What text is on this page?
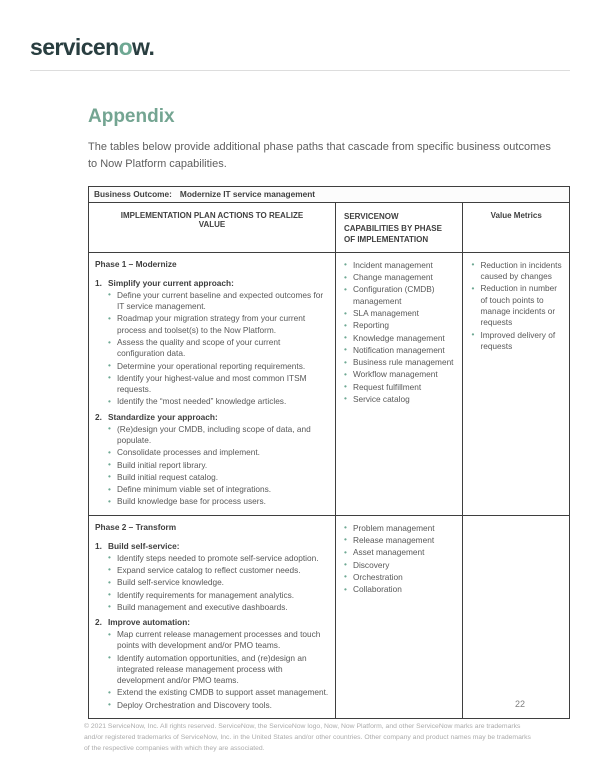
servicenow.
Appendix

The tables below provide additional phase paths that cascade from specific business outcomes to Now Platform capabilities.

Business Outcome: Modernize IT service management
IMPLEMENTATION PLAN ACTIONS TO REALIZE VALUE
SERVICENOW CAPABILITIES BY PHASE OF IMPLEMENTATION
Value Metrics
Phase 1 – Modernize
1. Simplify your current approach:
• Define your current baseline and expected outcomes for IT service management.
• Roadmap your migration strategy from your current process and toolset(s) to the Now Platform.
• Assess the quality and scope of your current configuration data.
• Determine your operational reporting requirements.
• Identify your highest-value and most common ITSM requests.
• Identify the “most needed” knowledge articles.
2. Standardize your approach:
• (Re)design your CMDB, including scope of data, and populate.
• Consolidate processes and implement.
• Build initial report library.
• Build initial request catalog.
• Define minimum viable set of integrations.
• Build knowledge base for process users.
• Incident management
• Change management
• Configuration (CMDB) management
• SLA management
• Reporting
• Knowledge management
• Notification management
• Business rule management
• Workflow management
• Request fulfillment
• Service catalog
• Reduction in incidents caused by changes
• Reduction in number of touch points to manage incidents or requests
• Improved delivery of requests
Phase 2 – Transform
1. Build self-service:
• Identify steps needed to promote self-service adoption.
• Expand service catalog to reflect customer needs.
• Build self-service knowledge.
• Identify requirements for management analytics.
• Build management and executive dashboards.
2. Improve automation:
• Map current release management processes and touch points with development and/or PMO teams.
• Identify automation opportunities, and (re)design an integrated release management process with development and/or PMO teams.
• Extend the existing CMDB to support asset management.
• Deploy Orchestration and Discovery tools.
• Problem management
• Release management
• Asset management
• Discovery
• Orchestration
• Collaboration
22
© 2021 ServiceNow, Inc. All rights reserved. ServiceNow, the ServiceNow logo, Now, Now Platform, and other ServiceNow marks are trademarks and/or registered trademarks of ServiceNow, Inc. in the United States and/or other countries. Other company and product names may be trademarks of the respective companies with which they are associated.
